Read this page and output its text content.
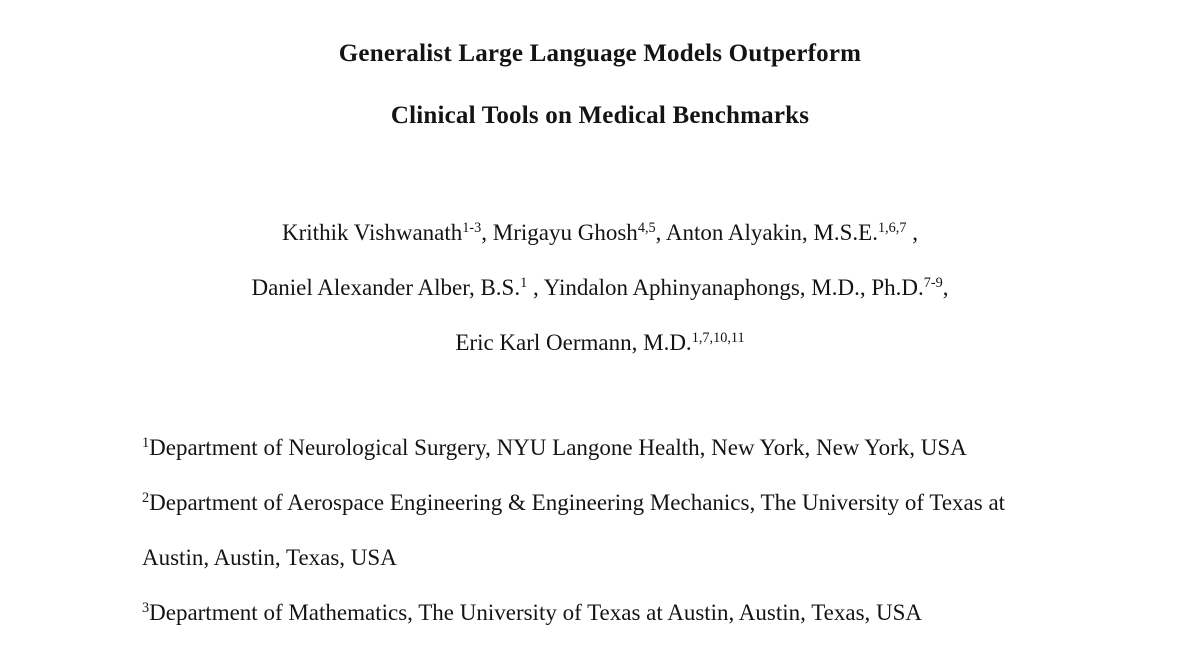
Generalist Large Language Models Outperform
Clinical Tools on Medical Benchmarks
Krithik Vishwanath$^{1-3}$, Mrigayu Ghosh$^{4,5}$, Anton Alyakin, M.S.E.$^{1,6,7}$ ,
Daniel Alexander Alber, B.S.$^1$ , Yindalon Aphinyanaphongs, M.D., Ph.D.$^{7-9}$,
Eric Karl Oermann, M.D.$^{1,7,10,11}$
$^1$Department of Neurological Surgery, NYU Langone Health, New York, New York, USA
$^2$Department of Aerospace Engineering & Engineering Mechanics, The University of Texas at
Austin, Austin, Texas, USA
$^3$Department of Mathematics, The University of Texas at Austin, Austin, Texas, USA
